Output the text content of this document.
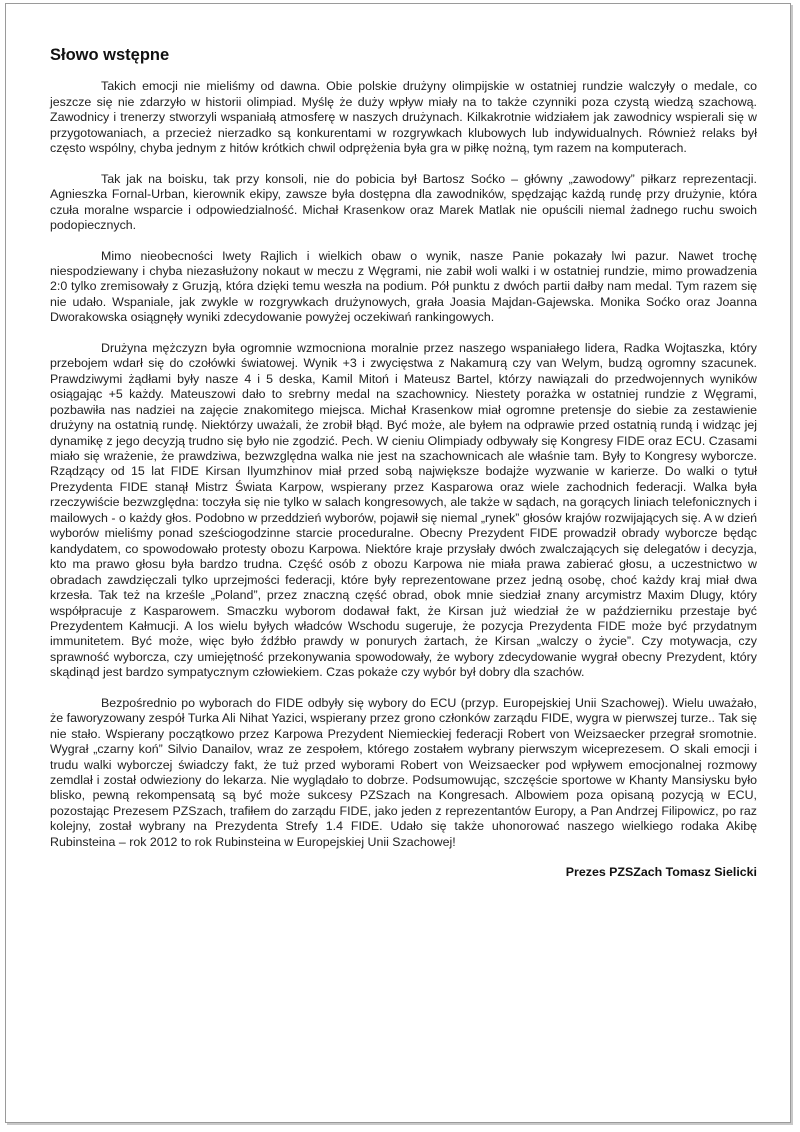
Słowo wstępne

Takich emocji nie mieliśmy od dawna. Obie polskie drużyny olimpijskie w ostatniej rundzie walczyły o medale, co jeszcze się nie zdarzyło w historii olimpiad. Myślę że duży wpływ miały na to także czynniki poza czystą wiedzą szachową. Zawodnicy i trenerzy stworzyli wspaniałą atmosferę w naszych drużynach. Kilkakrotnie widziałem jak zawodnicy wspierali się w przygotowaniach, a przecież nierzadko są konkurentami w rozgrywkach klubowych lub indywidualnych. Również relaks był często wspólny, chyba jednym z hitów krótkich chwil odprężenia była gra w piłkę nożną, tym razem na komputerach.

Tak jak na boisku, tak przy konsoli, nie do pobicia był Bartosz Soćko – główny „zawodowy” piłkarz reprezentacji. Agnieszka Fornal-Urban, kierownik ekipy, zawsze była dostępna dla zawodników, spędzając każdą rundę przy drużynie, która czuła moralne wsparcie i odpowiedzialność. Michał Krasenkow oraz Marek Matlak nie opuścili niemal żadnego ruchu swoich podopiecznych.

Mimo nieobecności Iwety Rajlich i wielkich obaw o wynik, nasze Panie pokazały lwi pazur. Nawet trochę niespodziewany i chyba niezasłużony nokaut w meczu z Węgrami, nie zabił woli walki i w ostatniej rundzie, mimo prowadzenia 2:0 tylko zremisowały z Gruzją, która dzięki temu weszła na podium. Pół punktu z dwóch partii dałby nam medal. Tym razem się nie udało. Wspaniale, jak zwykle w rozgrywkach drużynowych, grała Joasia Majdan-Gajewska. Monika Soćko oraz Joanna Dworakowska osiągnęły wyniki zdecydowanie powyżej oczekiwań rankingowych.

Drużyna mężczyzn była ogromnie wzmocniona moralnie przez naszego wspaniałego lidera, Radka Wojtaszka, który przebojem wdarł się do czołówki światowej. Wynik +3 i zwycięstwa z Nakamurą czy van Welym, budzą ogromny szacunek. Prawdziwymi żądłami były nasze 4 i 5 deska, Kamil Mitoń i Mateusz Bartel, którzy nawiązali do przedwojennych wyników osiągając +5 każdy. Mateuszowi dało to srebrny medal na szachownicy. Niestety porażka w ostatniej rundzie z Węgrami, pozbawiła nas nadziei na zajęcie znakomitego miejsca. Michał Krasenkow miał ogromne pretensje do siebie za zestawienie drużyny na ostatnią rundę. Niektórzy uważali, że zrobił błąd. Być może, ale byłem na odprawie przed ostatnią rundą i widząc jej dynamikę z jego decyzją trudno się było nie zgodzić. Pech. W cieniu Olimpiady odbywały się Kongresy FIDE oraz ECU. Czasami miało się wrażenie, że prawdziwa, bezwzględna walka nie jest na szachownicach ale właśnie tam. Były to Kongresy wyborcze. Rządzący od 15 lat FIDE Kirsan Ilyumzhinov miał przed sobą największe bodajże wyzwanie w karierze. Do walki o tytuł Prezydenta FIDE stanął Mistrz Świata Karpow, wspierany przez Kasparowa oraz wiele zachodnich federacji. Walka była rzeczywiście bezwzględna: toczyła się nie tylko w salach kongresowych, ale także w sądach, na gorących liniach telefonicznych i mailowych - o każdy głos. Podobno w przeddzień wyborów, pojawił się niemal „rynek” głosów krajów rozwijających się. A w dzień wyborów mieliśmy ponad sześciogodzinne starcie proceduralne. Obecny Prezydent FIDE prowadził obrady wyborcze będąc kandydatem, co spowodowało protesty obozu Karpowa. Niektóre kraje przysłały dwóch zwalczających się delegatów i decyzja, kto ma prawo głosu była bardzo trudna. Część osób z obozu Karpowa nie miała prawa zabierać głosu, a uczestnictwo w obradach zawdzięczali tylko uprzejmości federacji, które były reprezentowane przez jedną osobę, choć każdy kraj miał dwa krzesła. Tak też na krześle „Poland”, przez znaczną część obrad, obok mnie siedział znany arcymistrz Maxim Dlugy, który współpracuje z Kasparowem. Smaczku wyborom dodawał fakt, że Kirsan już wiedział że w październiku przestaje być Prezydentem Kałmucji. A los wielu byłych władców Wschodu sugeruje, że pozycja Prezydenta FIDE może być przydatnym immunitetem. Być może, więc było źdźbło prawdy w ponurych żartach, że Kirsan „walczy o życie”. Czy motywacja, czy sprawność wyborcza, czy umiejętność przekonywania spowodowały, że wybory zdecydowanie wygrał obecny Prezydent, który skądinąd jest bardzo sympatycznym człowiekiem. Czas pokaże czy wybór był dobry dla szachów.

Bezpośrednio po wyborach do FIDE odbyły się wybory do ECU (przyp. Europejskiej Unii Szachowej). Wielu uważało, że faworyzowany zespół Turka Ali Nihat Yazici, wspierany przez grono członków zarządu FIDE, wygra w pierwszej turze.. Tak się nie stało. Wspierany początkowo przez Karpowa Prezydent Niemieckiej federacji Robert von Weizsaecker przegrał sromotnie. Wygrał „czarny koń” Silvio Danailov, wraz ze zespołem, którego zostałem wybrany pierwszym wiceprezesem. O skali emocji i trudu walki wyborczej świadczy fakt, że tuż przed wyborami Robert von Weizsaecker pod wpływem emocjonalnej rozmowy zemdlał i został odwieziony do lekarza. Nie wyglądało to dobrze. Podsumowując, szczęście sportowe w Khanty Mansiysku było blisko, pewną rekompensatą są być może sukcesy PZSzach na Kongresach. Albowiem poza opisaną pozycją w ECU, pozostając Prezesem PZSzach, trafiłem do zarządu FIDE, jako jeden z reprezentantów Europy, a Pan Andrzej Filipowicz, po raz kolejny, został wybrany na Prezydenta Strefy 1.4 FIDE. Udało się także uhonorować naszego wielkiego rodaka Akibę Rubinsteina – rok 2012 to rok Rubinsteina w Europejskiej Unii Szachowej!

Prezes PZSZach Tomasz Sielicki
